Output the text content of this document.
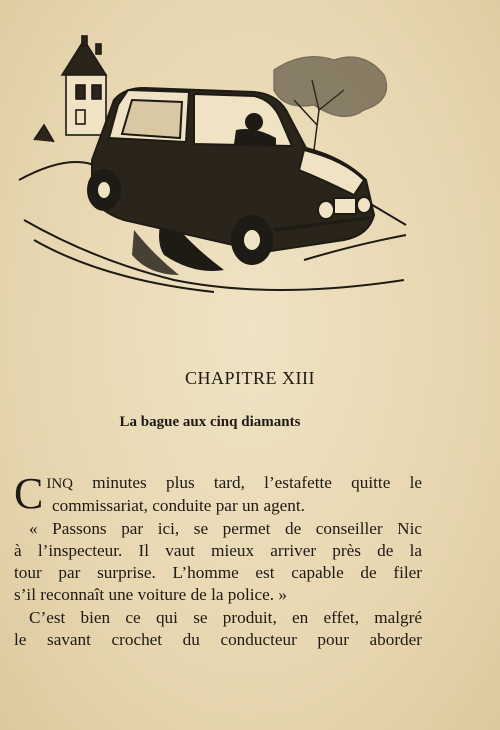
CHAPITRE XIII
La bague aux cinq diamants
C INQ minutes plus tard, l’estafette quitte le
commissariat, conduite par un agent.
« Passons par ici, se permet de conseiller Nic
à l’inspecteur. Il vaut mieux arriver près de la
tour par surprise. L’homme est capable de filer
s’il reconnaît une voiture de la police. »
C’est bien ce qui se produit, en effet, malgré
le savant crochet du conducteur pour aborder
